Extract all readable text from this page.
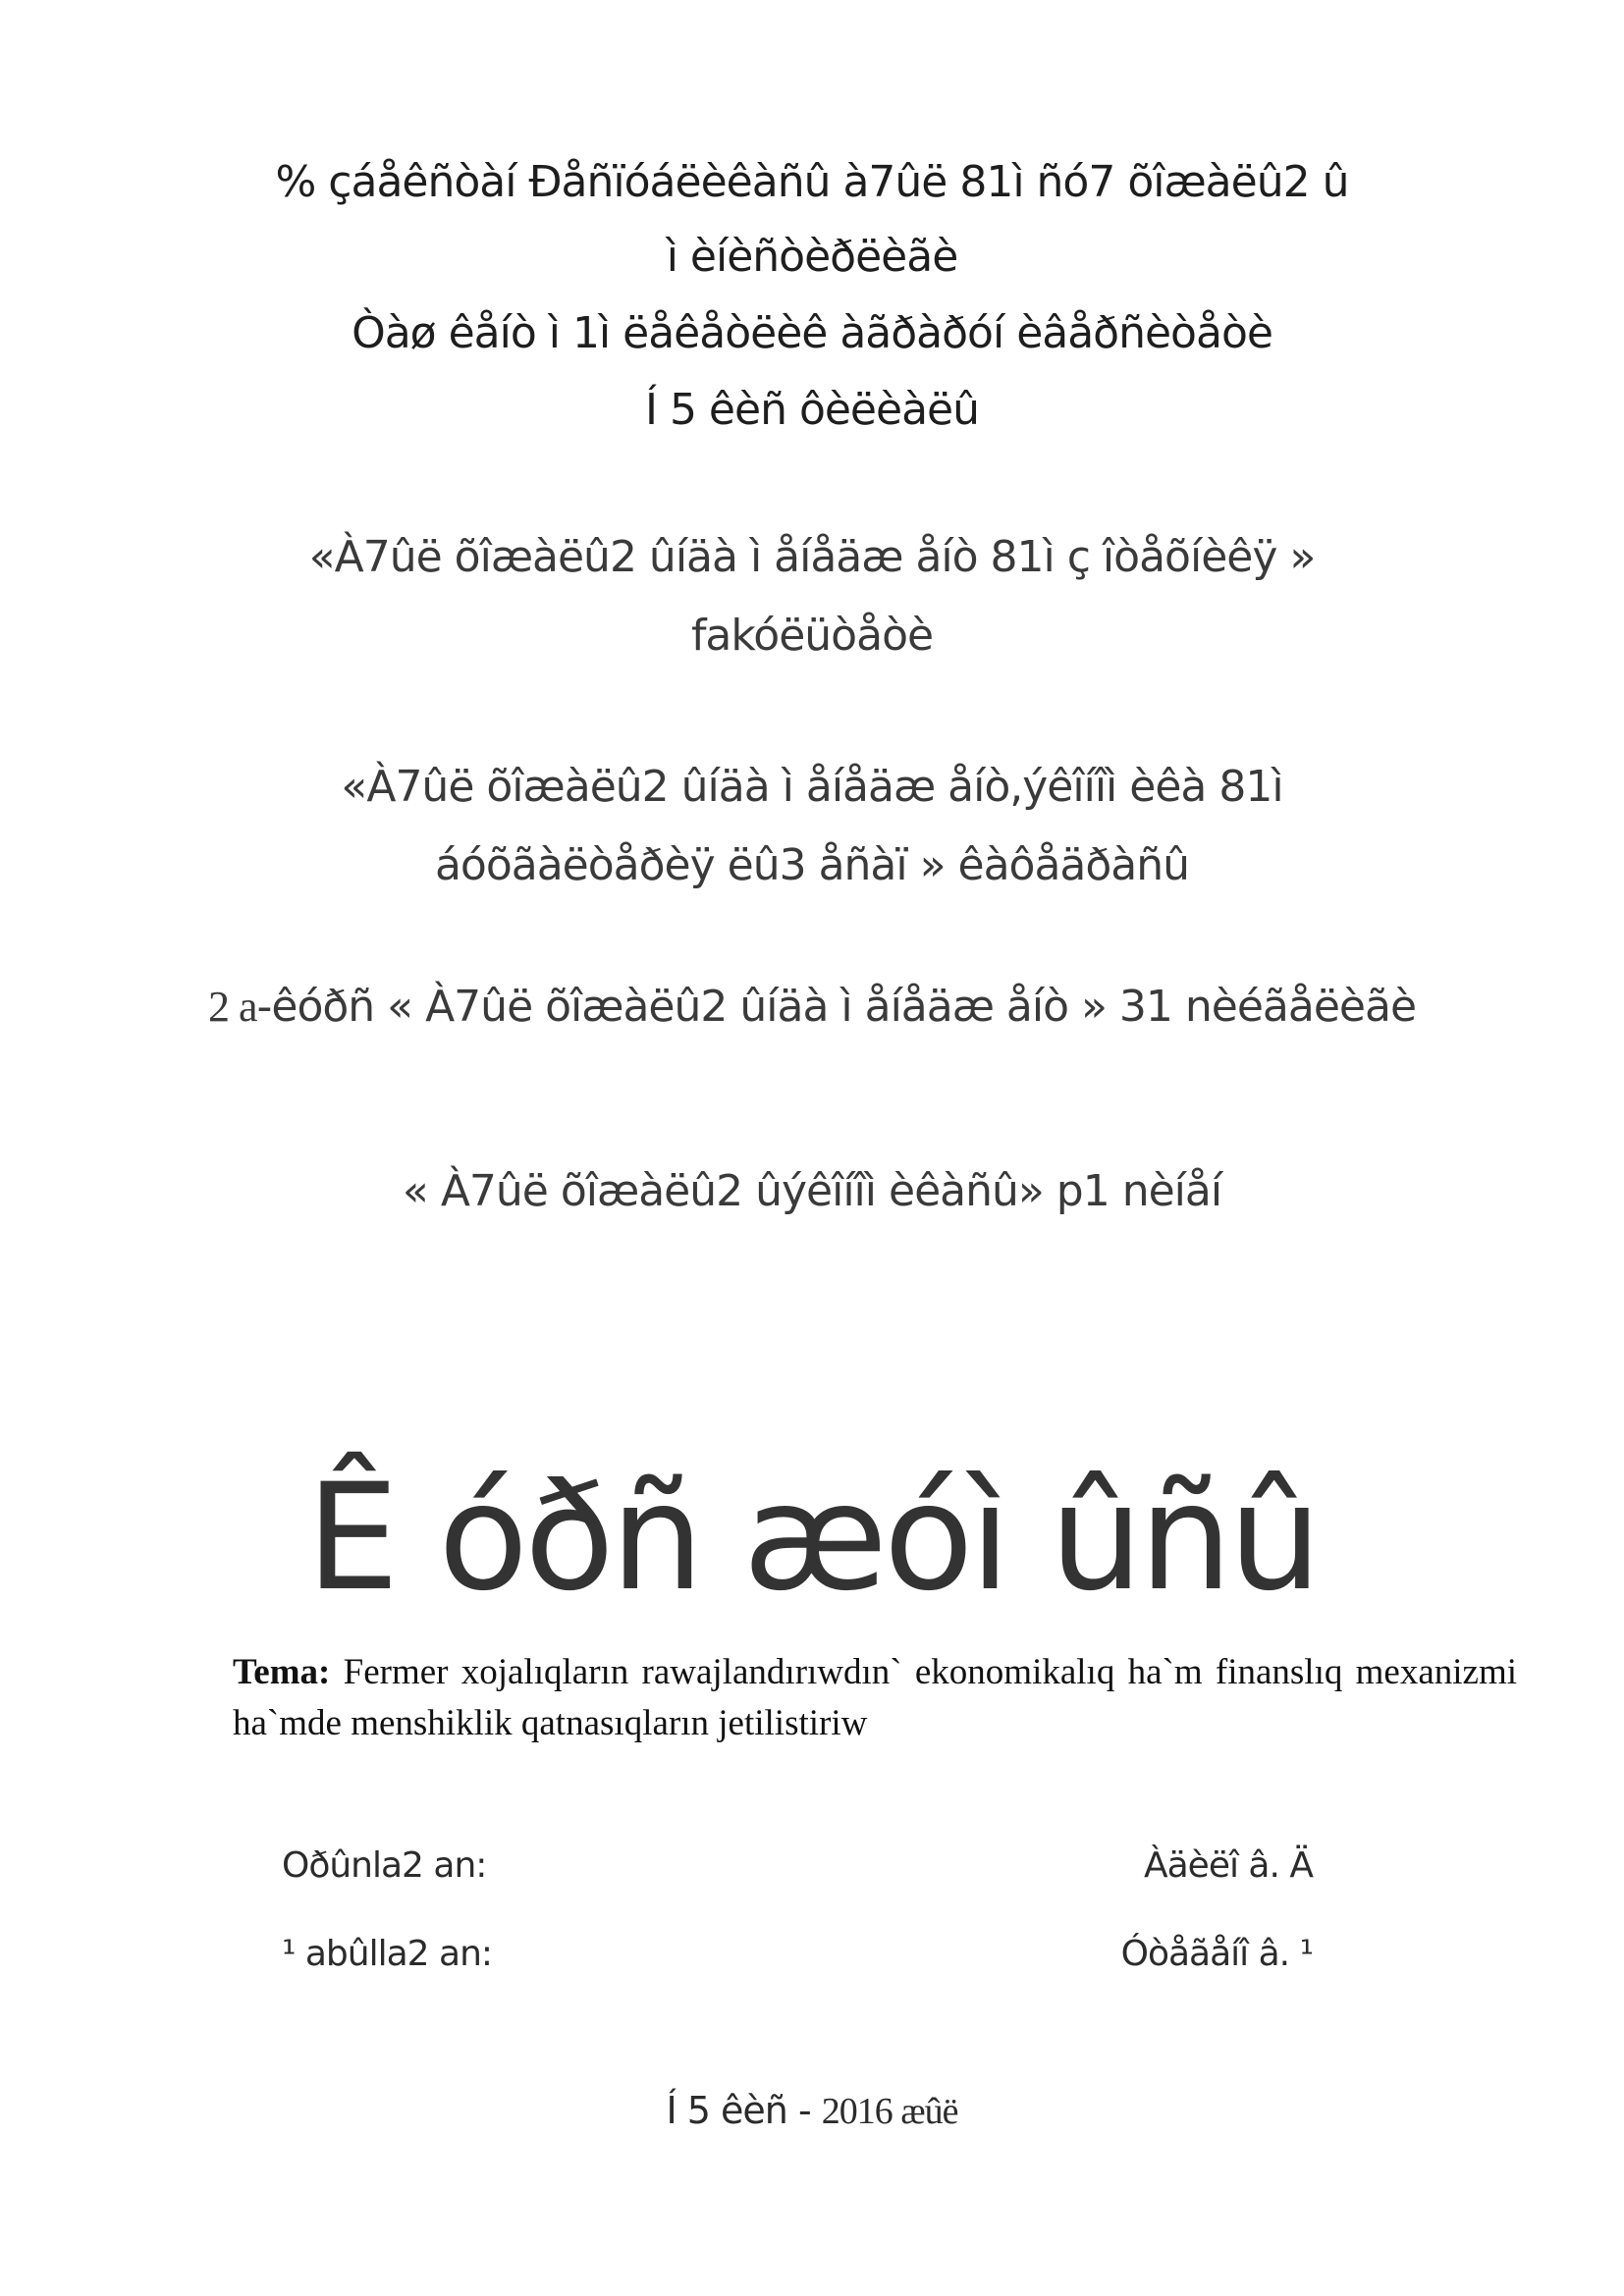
% çáåêñòàí Ðåñïóáëèêàñû à7ûë 81ì ñó7 õîæàëû2 û
ì èíèñòèðëèãè
Òàø êåíò ì 1ì ëåêåòëèê àãðàðóí èâåðñèòåòè
Í 5 êèñ ôèëèàëû
«À7ûë õîæàëû2 ûíäà ì åíåäæ åíò 81ì ç îòåõíèêÿ »
fakóëüòåòè
«À7ûë õîæàëû2 ûíäà ì åíåäæ åíò,ýêîíîì èêà 81ì
áóõãàëòåðèÿ ëû3 åñàï » êàôåäðàñû
2 a-êóðñ « À7ûë õîæàëû2 ûíäà ì åíåäæ åíò » 31 nèéãåëèãè
« À7ûë õîæàëû2 ûýêîíîì èêàñû» p1 nèíåí
Ê óðñ æóì ûñû
Tema: Fermer xojalıqların rawajlandırıwdın` ekonomikalıq ha`m finanslıq mexanizmi ha`mde menshiklik qatnasıqların jetilistiriw
Oðûnla2 an:	Àäèëî â. Ä
¹ abûlla2 an:	Óòåãåíî â. ¹
Í 5 êèñ - 2016 æûë
